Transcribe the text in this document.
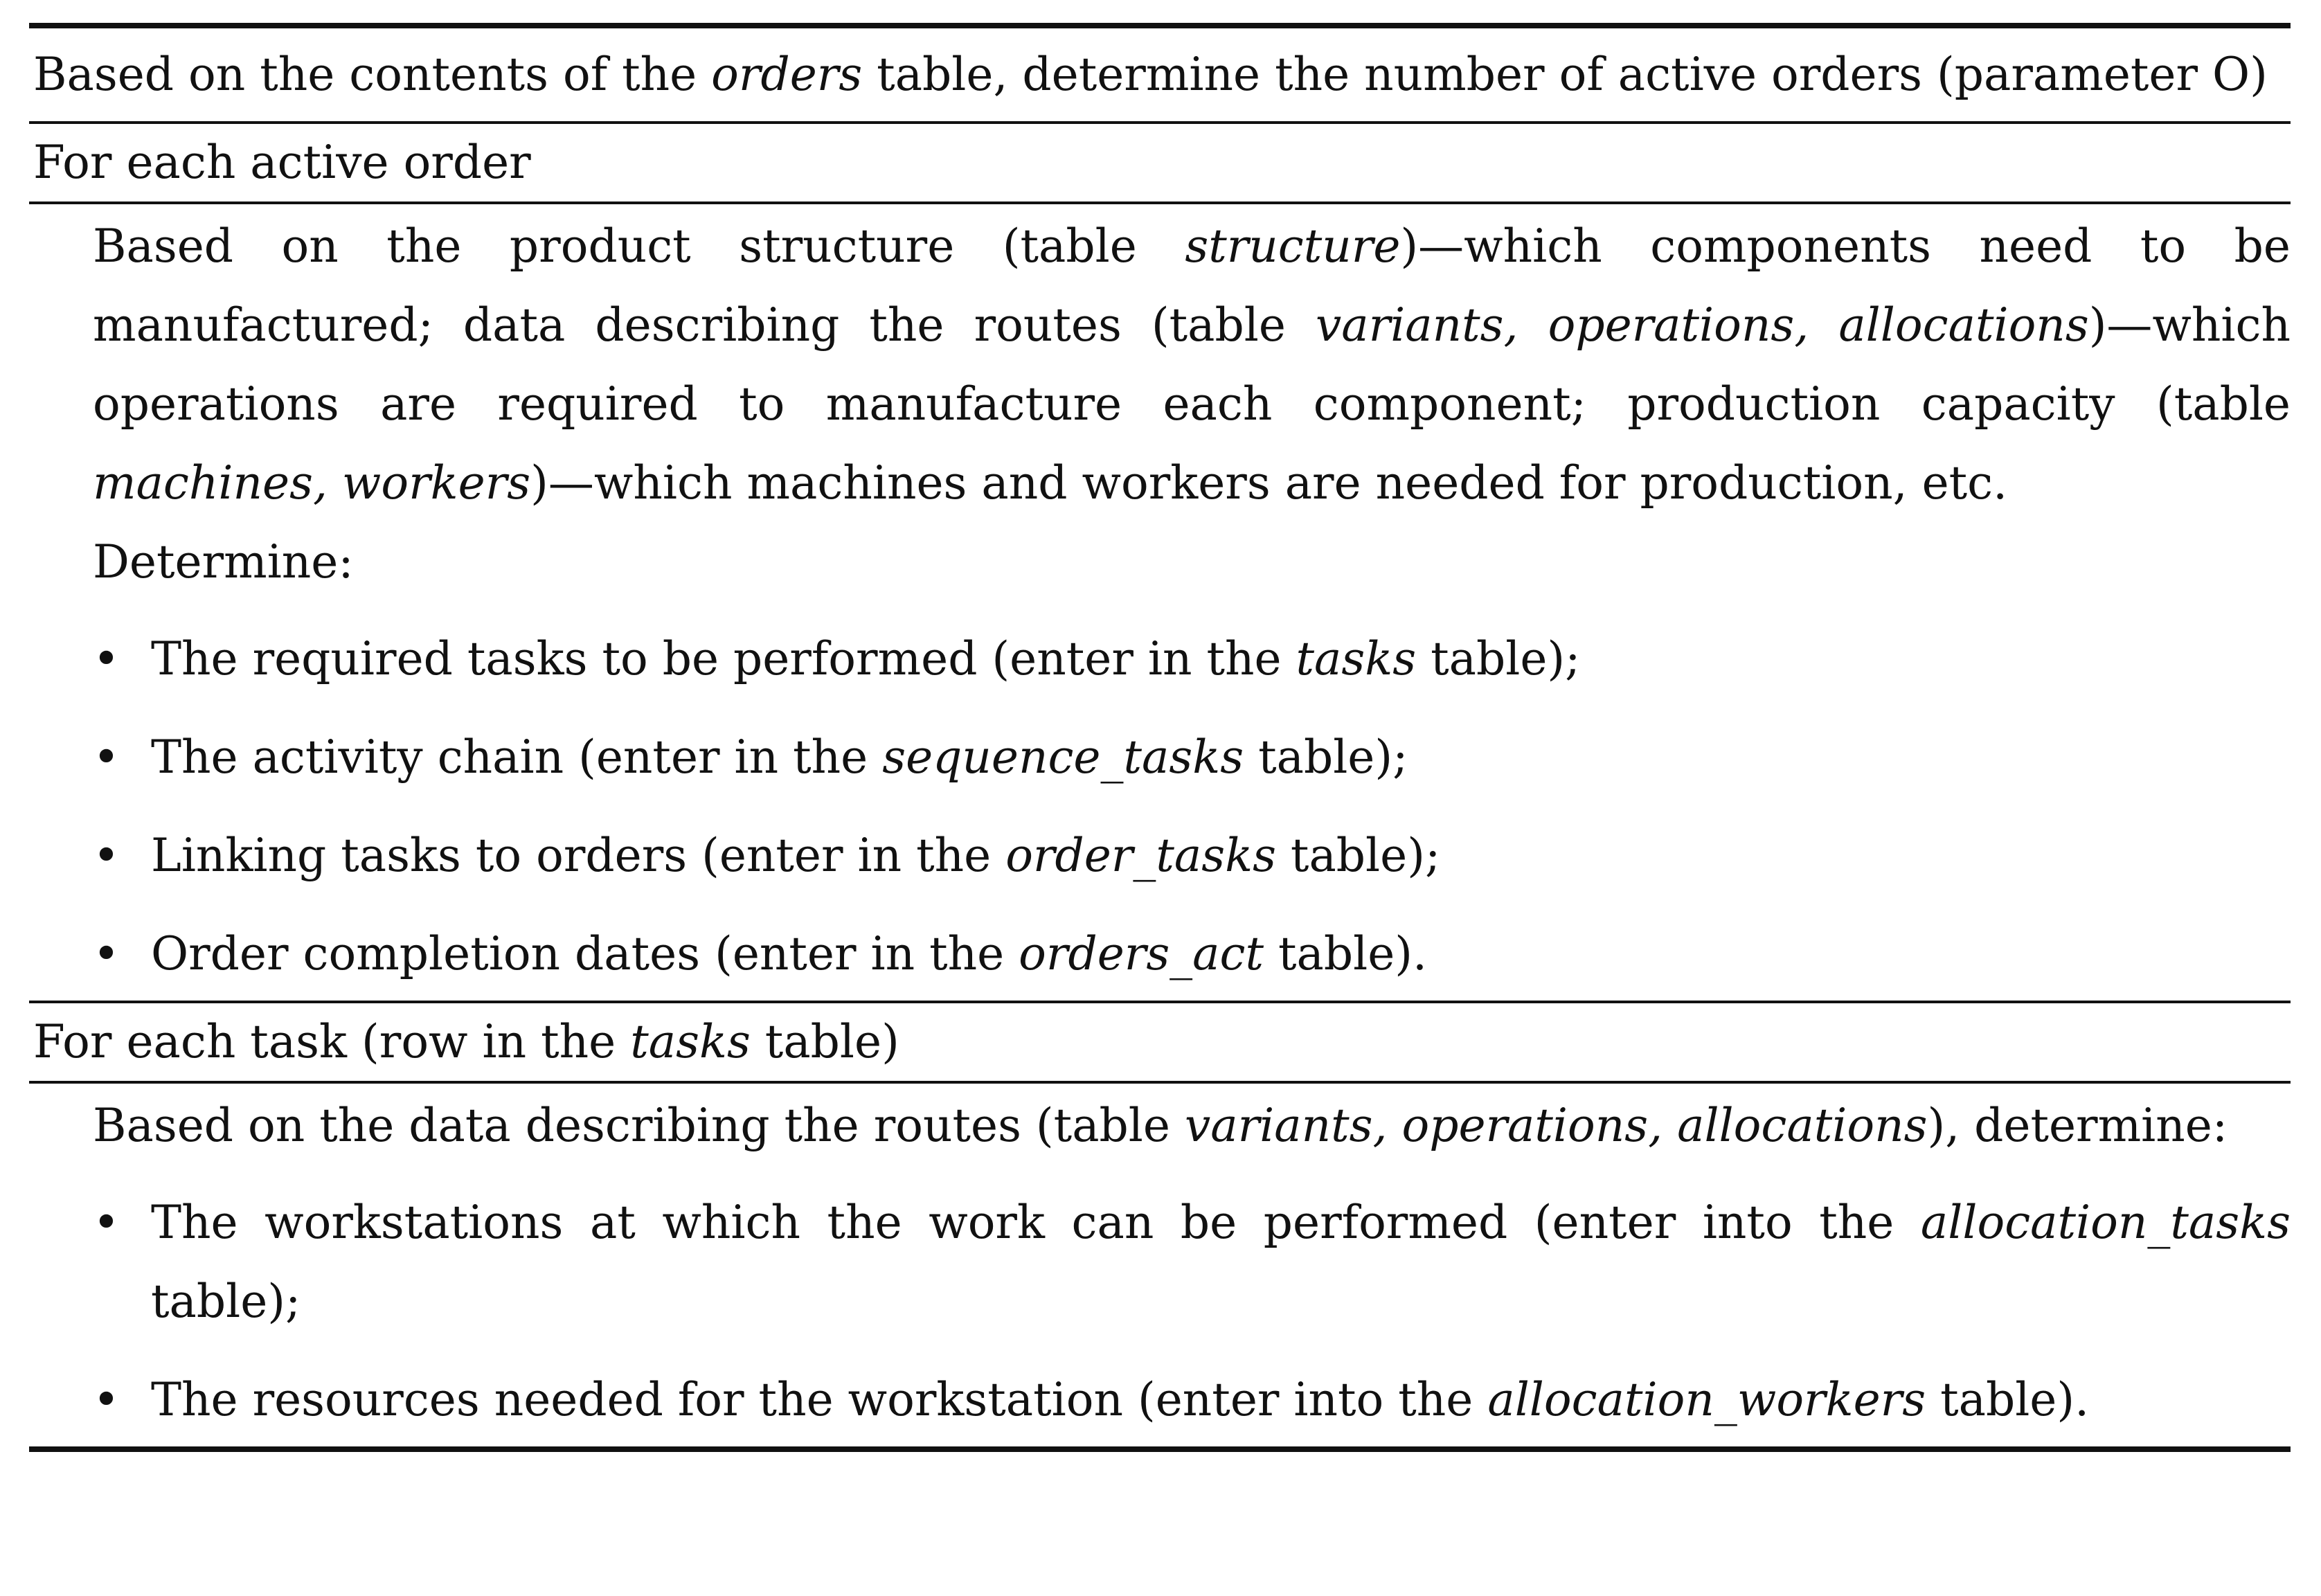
Based on the contents of the orders table, determine the number of active orders (parameter O)
For each active order

Based on the product structure (table structure)—which components need to be manufactured; data describing the routes (table variants, operations, allocations)—which operations are required to manufacture each component; production capacity (table machines, workers)—which machines and workers are needed for production, etc.

Determine:

• The required tasks to be performed (enter in the tasks table);
• The activity chain (enter in the sequence_tasks table);
• Linking tasks to orders (enter in the order_tasks table);
• Order completion dates (enter in the orders_act table).
For each task (row in the tasks table)

Based on the data describing the routes (table variants, operations, allocations), determine:

• The workstations at which the work can be performed (enter into the allocation_tasks table);
• The resources needed for the workstation (enter into the allocation_workers table).
